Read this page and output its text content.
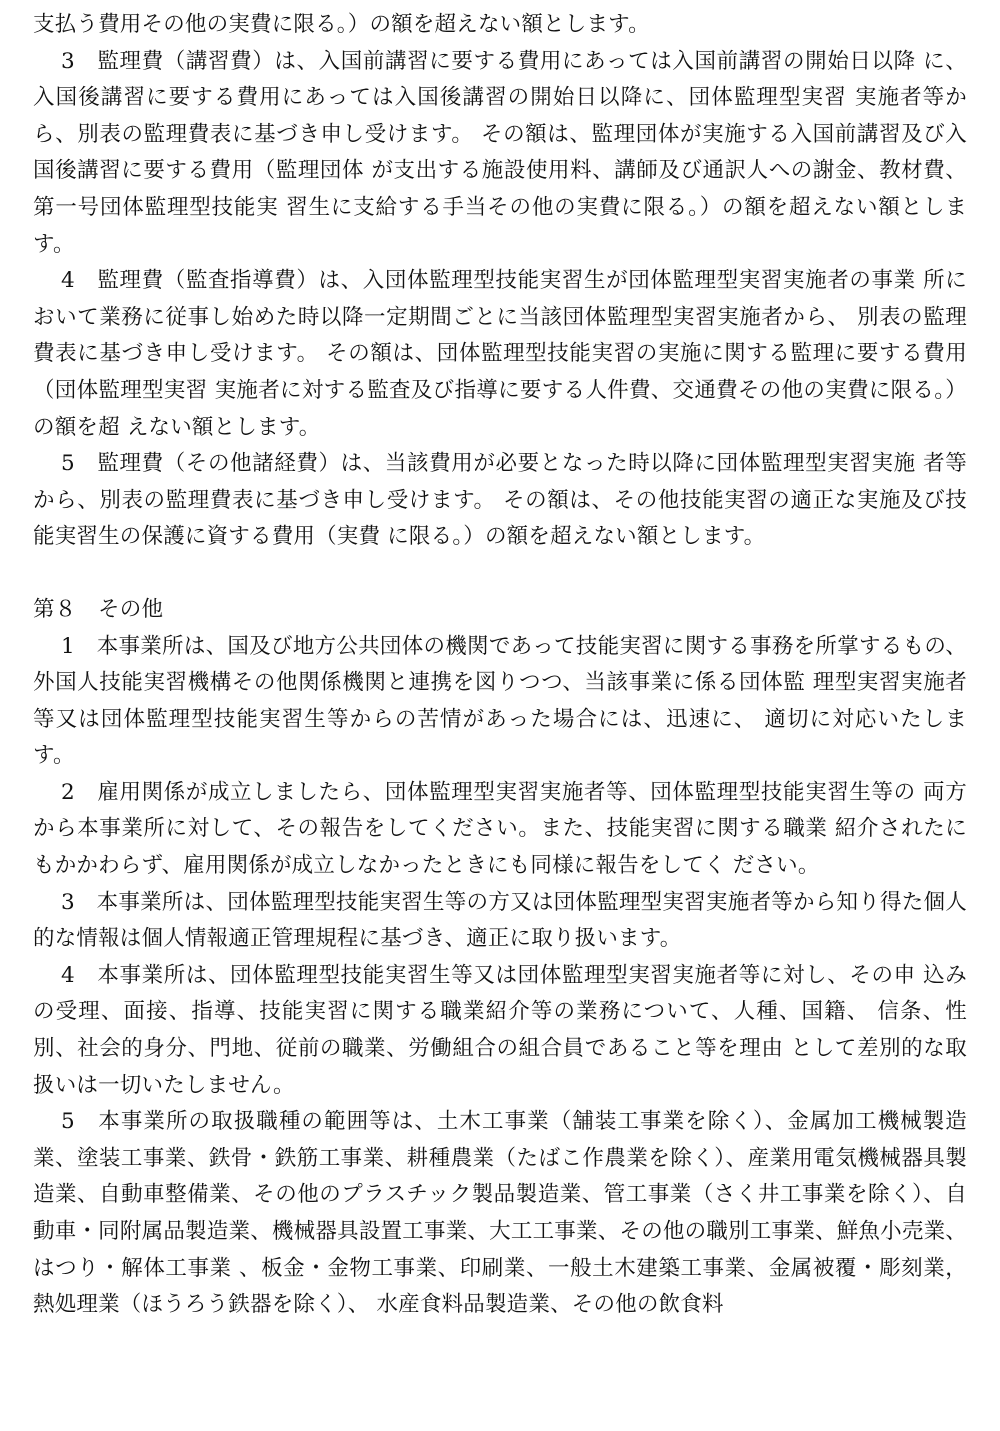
支払う費用その他の実費に限る。）の額を超えない額とします。

3　監理費（講習費）は、入国前講習に要する費用にあっては入国前講習の開始日以降 に、入国後講習に要する費用にあっては入国後講習の開始日以降に、団体監理型実習 実施者等から、別表の監理費表に基づき申し受けます。 その額は、監理団体が実施する入国前講習及び入国後講習に要する費用（監理団体 が支出する施設使用料、講師及び通訳人への謝金、教材費、第一号団体監理型技能実 習生に支給する手当その他の実費に限る。）の額を超えない額とします。

4　監理費（監査指導費）は、入団体監理型技能実習生が団体監理型実習実施者の事業 所において業務に従事し始めた時以降一定期間ごとに当該団体監理型実習実施者から、 別表の監理費表に基づき申し受けます。 その額は、団体監理型技能実習の実施に関する監理に要する費用（団体監理型実習 実施者に対する監査及び指導に要する人件費、交通費その他の実費に限る。）の額を超 えない額とします。

5　監理費（その他諸経費）は、当該費用が必要となった時以降に団体監理型実習実施 者等から、別表の監理費表に基づき申し受けます。 その額は、その他技能実習の適正な実施及び技能実習生の保護に資する費用（実費 に限る。）の額を超えない額とします。

第８　その他

1　本事業所は、国及び地方公共団体の機関であって技能実習に関する事務を所掌するもの、外国人技能実習機構その他関係機関と連携を図りつつ、当該事業に係る団体監 理型実習実施者等又は団体監理型技能実習生等からの苦情があった場合には、迅速に、 適切に対応いたします。

2　雇用関係が成立しましたら、団体監理型実習実施者等、団体監理型技能実習生等の 両方から本事業所に対して、その報告をしてください。また、技能実習に関する職業 紹介されたにもかかわらず、雇用関係が成立しなかったときにも同様に報告をしてく ださい。

3　本事業所は、団体監理型技能実習生等の方又は団体監理型実習実施者等から知り得た個人的な情報は個人情報適正管理規程に基づき、適正に取り扱います。

4　本事業所は、団体監理型技能実習生等又は団体監理型実習実施者等に対し、その申 込みの受理、面接、指導、技能実習に関する職業紹介等の業務について、人種、国籍、 信条、性別、社会的身分、門地、従前の職業、労働組合の組合員であること等を理由 として差別的な取扱いは一切いたしません。

5　本事業所の取扱職種の範囲等は、土木工事業（舗装工事業を除く）、金属加工機械製造業、塗装工事業、鉄骨・鉄筋工事業、耕種農業（たばこ作農業を除く）、産業用電気機械器具製造業、自動車整備業、その他のプラスチック製品製造業、管工事業（さく井工事業を除く）、自動車・同附属品製造業、機械器具設置工事業、大工工事業、その他の職別工事業、鮮魚小売業、はつり・解体工事業 、板金・金物工事業、印刷業、一般土木建築工事業、金属被覆・彫刻業，熱処理業（ほうろう鉄器を除く）、 水産食料品製造業、その他の飲食料
